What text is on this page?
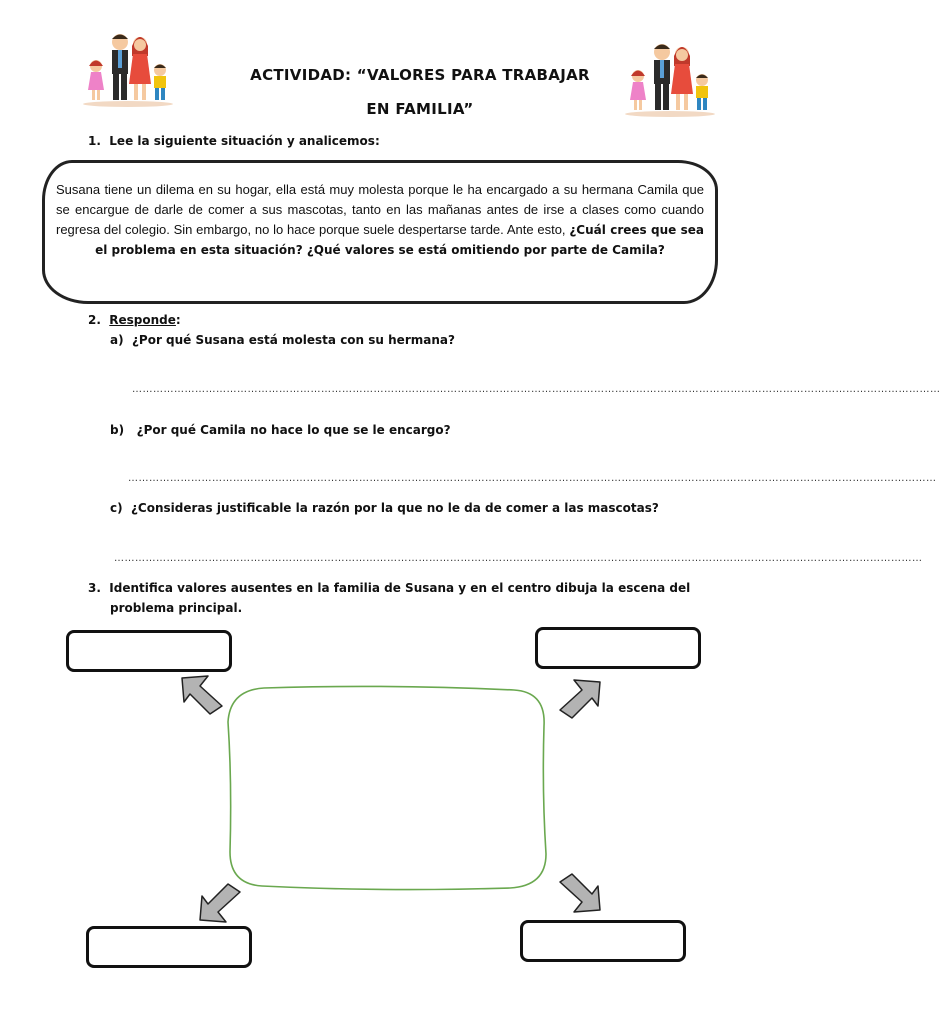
ACTIVIDAD: “VALORES PARA TRABAJAR
EN FAMILIA”
1. Lee la siguiente situación y analicemos:
Susana tiene un dilema en su hogar, ella está muy molesta porque le ha encargado a su hermana Camila que se encargue de darle de comer a sus mascotas, tanto en las mañanas antes de irse a clases como cuando regresa del colegio. Sin embargo, no lo hace porque suele despertarse tarde. Ante esto, ¿Cuál crees que sea el problema en esta situación? ¿Qué valores se está omitiendo por parte de Camila?
2. Responde:
a) ¿Por qué Susana está molesta con su hermana?
……………………………………………………………………………………………………………………………………………………………………………………………………………
b) ¿Por qué Camila no hace lo que se le encargo?
……………………………………………………………………………………………………………………………………………………………………………………………………………
c) ¿Consideras justificable la razón por la que no le da de comer a las mascotas?
……………………………………………………………………………………………………………………………………………………………………………………………………………
3. Identifica valores ausentes en la familia de Susana y en el centro dibuja la escena del
problema principal.
